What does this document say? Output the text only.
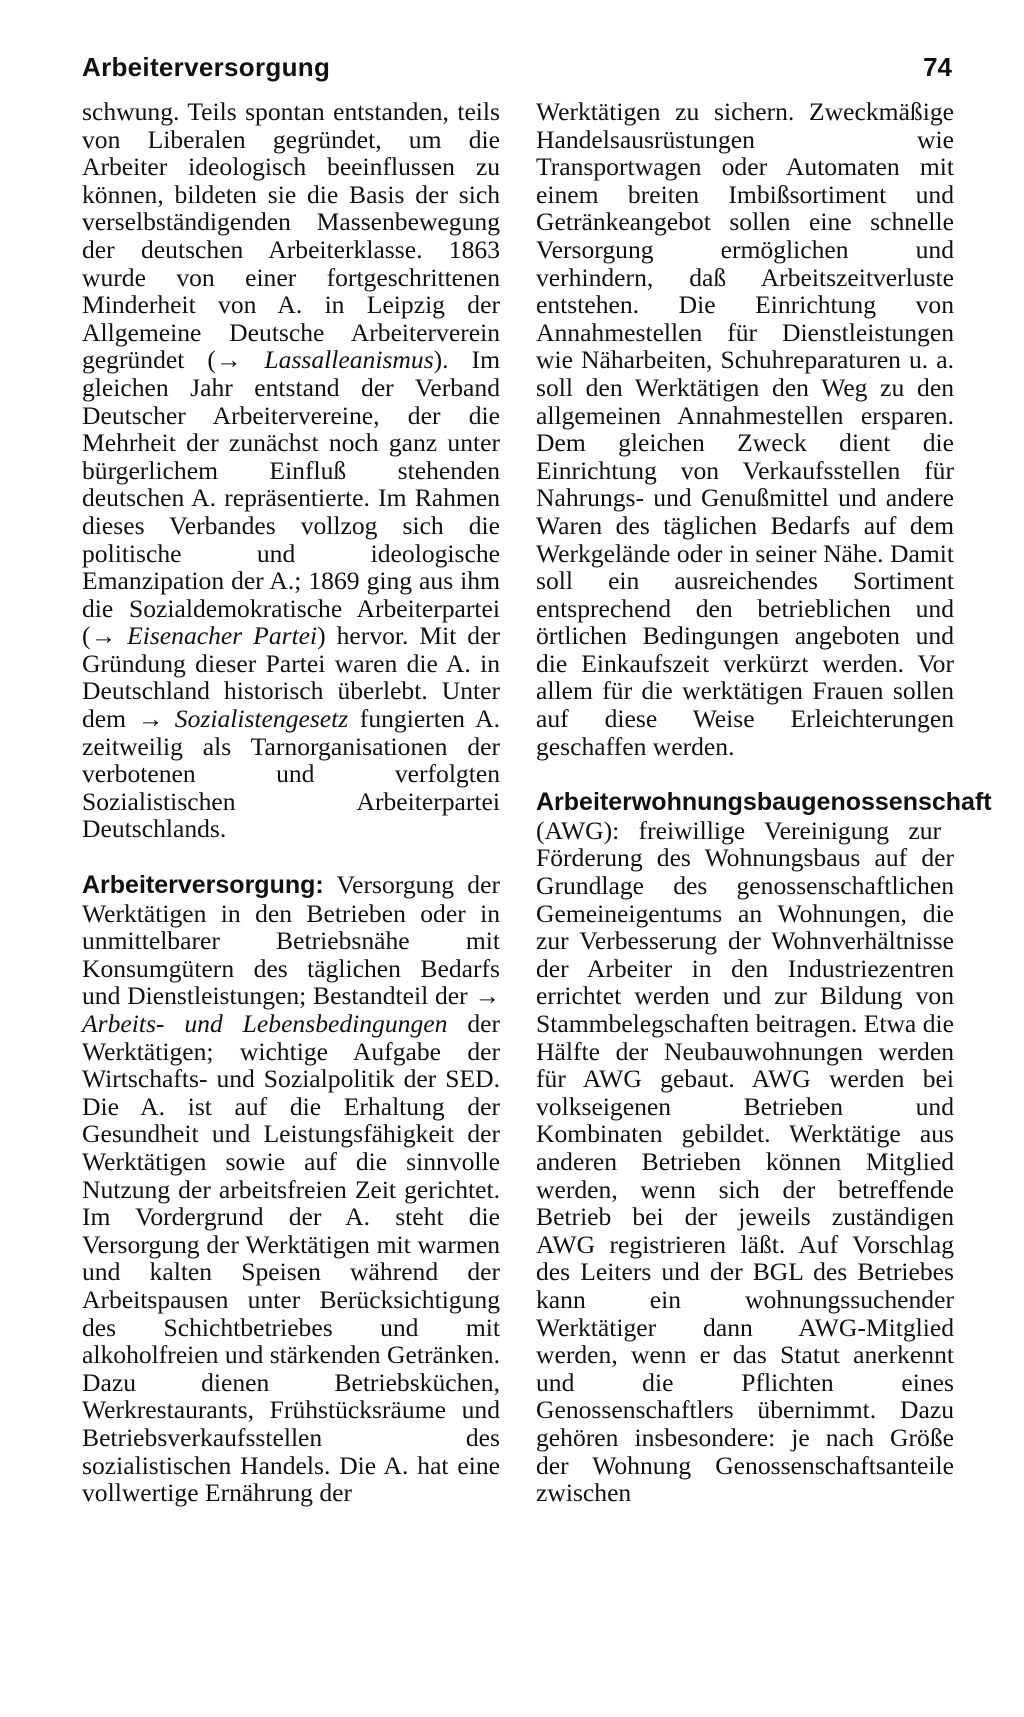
Arbeiterversorgung	74

schwung. Teils spontan entstanden, teils von Liberalen gegründet, um die Arbeiter ideologisch beeinflussen zu können, bildeten sie die Basis der sich verselbständigenden Massenbewegung der deutschen Arbeiterklasse. 1863 wurde von einer fortgeschrittenen Minderheit von A. in Leipzig der Allgemeine Deutsche Arbeiterverein gegründet (→ Lassalleanismus). Im gleichen Jahr entstand der Verband Deutscher Arbeitervereine, der die Mehrheit der zunächst noch ganz unter bürgerlichem Einfluß stehenden deutschen A. repräsentierte. Im Rahmen dieses Verbandes vollzog sich die politische und ideologische Emanzipation der A.; 1869 ging aus ihm die Sozialdemokratische Arbeiterpartei (→ Eisenacher Partei) hervor. Mit der Gründung dieser Partei waren die A. in Deutschland historisch überlebt. Unter dem → Sozialistengesetz fungierten A. zeitweilig als Tarnorganisationen der verbotenen und verfolgten Sozialistischen Arbeiterpartei Deutschlands.

Arbeiterversorgung: Versorgung der Werktätigen in den Betrieben oder in unmittelbarer Betriebsnähe mit Konsumgütern des täglichen Bedarfs und Dienstleistungen; Bestandteil der → Arbeits- und Lebensbedingungen der Werktätigen; wichtige Aufgabe der Wirtschafts- und Sozialpolitik der SED. Die A. ist auf die Erhaltung der Gesundheit und Leistungsfähigkeit der Werktätigen sowie auf die sinnvolle Nutzung der arbeitsfreien Zeit gerichtet. Im Vordergrund der A. steht die Versorgung der Werktätigen mit warmen und kalten Speisen während der Arbeitspausen unter Berücksichtigung des Schichtbetriebes und mit alkoholfreien und stärkenden Getränken. Dazu dienen Betriebsküchen, Werkrestaurants, Frühstücksräume und Betriebsverkaufsstellen des sozialistischen Handels. Die A. hat eine vollwertige Ernährung der

Werktätigen zu sichern. Zweckmäßige Handelsausrüstungen wie Transportwagen oder Automaten mit einem breiten Imbißsortiment und Getränkeangebot sollen eine schnelle Versorgung ermöglichen und verhindern, daß Arbeitszeitverluste entstehen. Die Einrichtung von Annahmestellen für Dienstleistungen wie Näharbeiten, Schuhreparaturen u. a. soll den Werktätigen den Weg zu den allgemeinen Annahmestellen ersparen. Dem gleichen Zweck dient die Einrichtung von Verkaufsstellen für Nahrungs- und Genußmittel und andere Waren des täglichen Bedarfs auf dem Werkgelände oder in seiner Nähe. Damit soll ein ausreichendes Sortiment entsprechend den betrieblichen und örtlichen Bedingungen angeboten und die Einkaufszeit verkürzt werden. Vor allem für die werktätigen Frauen sollen auf diese Weise Erleichterungen geschaffen werden.

Arbeiterwohnungsbaugenossenschaft (AWG): freiwillige Vereinigung zur Förderung des Wohnungsbaus auf der Grundlage des genossenschaftlichen Gemeineigentums an Wohnungen, die zur Verbesserung der Wohnverhältnisse der Arbeiter in den Industriezentren errichtet werden und zur Bildung von Stammbelegschaften beitragen. Etwa die Hälfte der Neubauwohnungen werden für AWG gebaut. AWG werden bei volkseigenen Betrieben und Kombinaten gebildet. Werktätige aus anderen Betrieben können Mitglied werden, wenn sich der betreffende Betrieb bei der jeweils zuständigen AWG registrieren läßt. Auf Vorschlag des Leiters und der BGL des Betriebes kann ein wohnungssuchender Werktätiger dann AWG-Mitglied werden, wenn er das Statut anerkennt und die Pflichten eines Genossenschaftlers übernimmt. Dazu gehören insbesondere: je nach Größe der Wohnung Genossenschaftsanteile zwischen
